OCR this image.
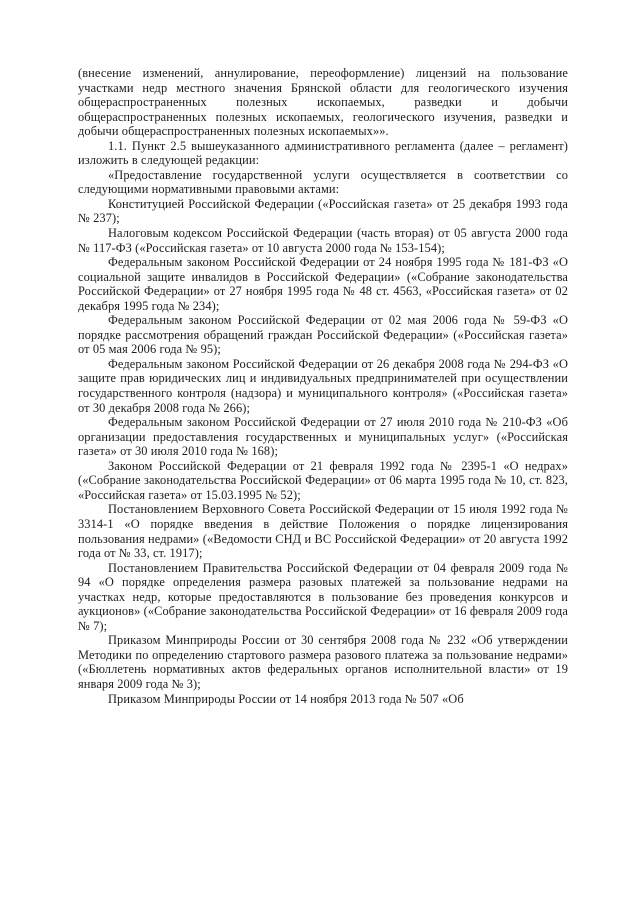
(внесение изменений, аннулирование, переоформление) лицензий на пользование участками недр местного значения Брянской области для геологического изучения общераспространенных полезных ископаемых, разведки и добычи общераспространенных полезных ископаемых, геологического изучения, разведки и добычи общераспространенных полезных ископаемых»».

1.1. Пункт 2.5 вышеуказанного административного регламента (далее – регламент) изложить в следующей редакции:

«Предоставление государственной услуги осуществляется в соответствии со следующими нормативными правовыми актами:

Конституцией Российской Федерации («Российская газета» от 25 декабря 1993 года № 237);

Налоговым кодексом Российской Федерации (часть вторая) от 05 августа 2000 года № 117-ФЗ («Российская газета» от 10 августа 2000 года № 153-154);

Федеральным законом Российской Федерации от 24 ноября 1995 года № 181-ФЗ «О социальной защите инвалидов в Российской Федерации» («Собрание законодательства Российской Федерации» от 27 ноября 1995 года № 48 ст. 4563, «Российская газета» от 02 декабря 1995 года № 234);

Федеральным законом Российской Федерации от 02 мая 2006 года № 59-ФЗ «О порядке рассмотрения обращений граждан Российской Федерации» («Российская газета» от 05 мая 2006 года № 95);

Федеральным законом Российской Федерации от 26 декабря 2008 года № 294-ФЗ «О защите прав юридических лиц и индивидуальных предпринимателей при осуществлении государственного контроля (надзора) и муниципального контроля» («Российская газета» от 30 декабря 2008 года № 266);

Федеральным законом Российской Федерации от 27 июля 2010 года № 210-ФЗ «Об организации предоставления государственных и муниципальных услуг» («Российская газета» от 30 июля 2010 года № 168);

Законом Российской Федерации от 21 февраля 1992 года № 2395-1 «О недрах» («Собрание законодательства Российской Федерации» от 06 марта 1995 года № 10, ст. 823, «Российская газета» от 15.03.1995 № 52);

Постановлением Верховного Совета Российской Федерации от 15 июля 1992 года № 3314-1 «О порядке введения в действие Положения о порядке лицензирования пользования недрами» («Ведомости СНД и ВС Российской Федерации» от 20 августа 1992 года от № 33, ст. 1917);

Постановлением Правительства Российской Федерации от 04 февраля 2009 года № 94 «О порядке определения размера разовых платежей за пользование недрами на участках недр, которые предоставляются в пользование без проведения конкурсов и аукционов» («Собрание законодательства Российской Федерации» от 16 февраля 2009 года № 7);

Приказом Минприроды России от 30 сентября 2008 года № 232 «Об утверждении Методики по определению стартового размера разового платежа за пользование недрами» («Бюллетень нормативных актов федеральных органов исполнительной власти» от 19 января 2009 года № 3);

Приказом Минприроды России от 14 ноября 2013 года № 507 «Об
